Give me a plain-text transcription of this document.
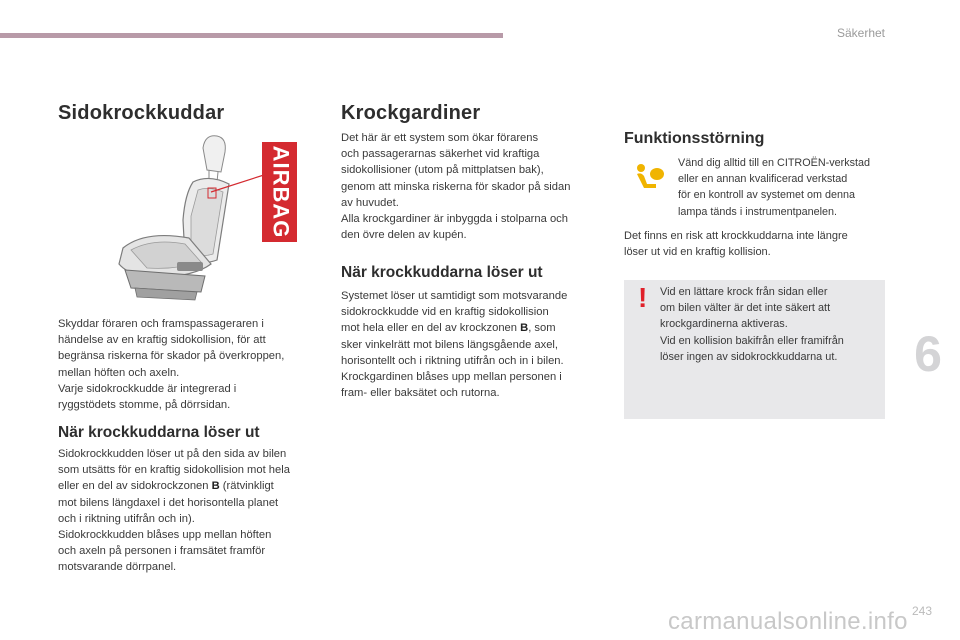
Säkerhet
Sidokrockkuddar
AIRBAG

Skyddar föraren och framspassageraren i

händelse av en kraftig sidokollision, för att

begränsa riskerna för skador på överkroppen,

mellan höften och axeln.

Varje sidokrockkudde är integrerad i

ryggstödets stomme, på dörrsidan.

När krockkuddarna löser ut

Sidokrockkudden löser ut på den sida av bilen

som utsätts för en kraftig sidokollision mot hela

eller en del av sidokrockzonen B (rätvinkligt

mot bilens längdaxel i det horisontella planet

och i riktning utifrån och in).

Sidokrockkudden blåses upp mellan höften

och axeln på personen i framsätet framför

motsvarande dörrpanel.

Krockgardiner

Det här är ett system som ökar förarens

och passagerarnas säkerhet vid kraftiga

sidokollisioner (utom på mittplatsen bak),

genom att minska riskerna för skador på sidan

av huvudet.

Alla krockgardiner är inbyggda i stolparna och

den övre delen av kupén.

När krockkuddarna löser ut

Systemet löser ut samtidigt som motsvarande

sidokrockkudde vid en kraftig sidokollision

mot hela eller en del av krockzonen B, som

sker vinkelrätt mot bilens längsgående axel,

horisontellt och i riktning utifrån och in i bilen.

Krockgardinen blåses upp mellan personen i

fram- eller baksätet och rutorna.

Funktionsstörning

Vänd dig alltid till en CITROËN-verkstad

eller en annan kvalificerad verkstad

för en kontroll av systemet om denna

lampa tänds i instrumentpanelen.

Det finns en risk att krockkuddarna inte längre

löser ut vid en kraftig kollision.

! Vid en lättare krock från sidan eller

om bilen välter är det inte säkert att

krockgardinerna aktiveras.

Vid en kollision bakifrån eller framifrån

löser ingen av sidokrockkuddarna ut.	6
carmanualsonline.info 243
